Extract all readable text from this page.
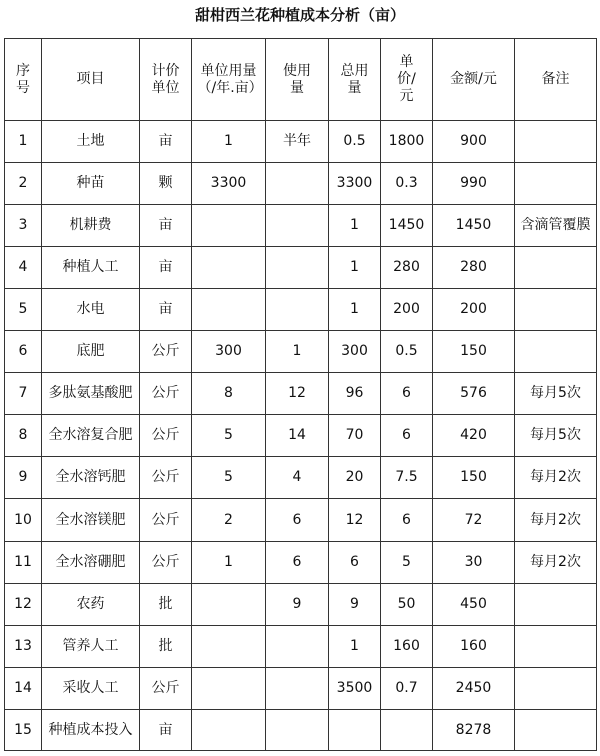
甜柑西兰花种植成本分析（亩）
序号	项目	计价单位	单位用量（/年.亩）	使用量	总用量	单价/元	金额/元	备注
1	土地	亩	1	半年	0.5	1800	900	

2	种苗	颗	3300		3300	0.3	990	

3	机耕费	亩			1	1450	1450	含滴管覆膜

4	种植人工	亩			1	280	280	

5	水电	亩			1	200	200	

6	底肥	公斤	300	1	300	0.5	150	

7	多肽氨基酸肥	公斤	8	12	96	6	576	每月5次

8	全水溶复合肥	公斤	5	14	70	6	420	每月5次

9	全水溶钙肥	公斤	5	4	20	7.5	150	每月2次

10	全水溶镁肥	公斤	2	6	12	6	72	每月2次

11	全水溶硼肥	公斤	1	6	6	5	30	每月2次

12	农药	批		9	9	50	450	

13	管养人工	批			1	160	160	

14	采收人工	公斤			3500	0.7	2450	

15	种植成本投入	亩					8278	
